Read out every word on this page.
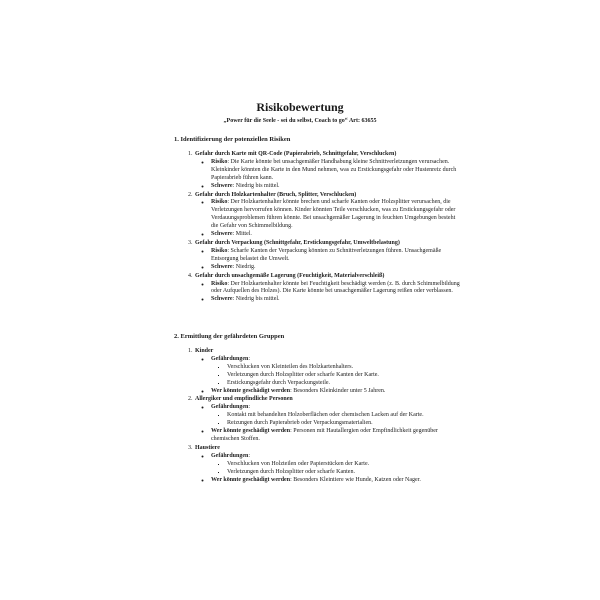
Risikobewertung

„Power für die Seele - sei du selbst, Coach to go“ Art: 63655

1. Identifizierung der potenziellen Risiken
1. Gefahr durch Karte mit QR-Code (Papierabrieb, Schnittgefahr, Verschlucken)
◦ Risiko: Die Karte könnte bei unsachgemäßer Handhabung kleine Schnittverletzungen verursachen. Kleinkinder könnten die Karte in den Mund nehmen, was zu Erstickungsgefahr oder Hustenreiz durch Papierabrieb führen kann.
◦ Schwere: Niedrig bis mittel.
2. Gefahr durch Holzkartenhalter (Bruch, Splitter, Verschlucken)
◦ Risiko: Der Holzkartenhalter könnte brechen und scharfe Kanten oder Holzsplitter verursachen, die Verletzungen hervorrufen können. Kinder könnten Teile verschlucken, was zu Erstickungsgefahr oder Verdauungsproblemen führen könnte. Bei unsachgemäßer Lagerung in feuchten Umgebungen besteht die Gefahr von Schimmelbildung.
◦ Schwere: Mittel.
3. Gefahr durch Verpackung (Schnittgefahr, Erstickungsgefahr, Umweltbelastung)
◦ Risiko: Scharfe Kanten der Verpackung könnten zu Schnittverletzungen führen. Unsachgemäße Entsorgung belastet die Umwelt.
◦ Schwere: Niedrig.
4. Gefahr durch unsachgemäße Lagerung (Feuchtigkeit, Materialverschleiß)
◦ Risiko: Der Holzkartenhalter könnte bei Feuchtigkeit beschädigt werden (z. B. durch Schimmelbildung oder Aufquellen des Holzes). Die Karte könnte bei unsachgemäßer Lagerung reißen oder verblassen.
◦ Schwere: Niedrig bis mittel.
2. Ermittlung der gefährdeten Gruppen
1. Kinder
◦ Gefährdungen:
▪ Verschlucken von Kleinteilen des Holzkartenhalters.
▪ Verletzungen durch Holzsplitter oder scharfe Kanten der Karte.
▪ Erstickungsgefahr durch Verpackungsteile.
◦ Wer könnte geschädigt werden: Besonders Kleinkinder unter 5 Jahren.
2. Allergiker und empfindliche Personen
◦ Gefährdungen:
▪ Kontakt mit behandelten Holzoberflächen oder chemischen Lacken auf der Karte.
▪ Reizungen durch Papierabrieb oder Verpackungsmaterialien.
◦ Wer könnte geschädigt werden: Personen mit Hautallergien oder Empfindlichkeit gegenüber chemischen Stoffen.
3. Haustiere
◦ Gefährdungen:
▪ Verschlucken von Holzteilen oder Papierstücken der Karte.
▪ Verletzungen durch Holzsplitter oder scharfe Kanten.
◦ Wer könnte geschädigt werden: Besonders Kleintiere wie Hunde, Katzen oder Nager.
